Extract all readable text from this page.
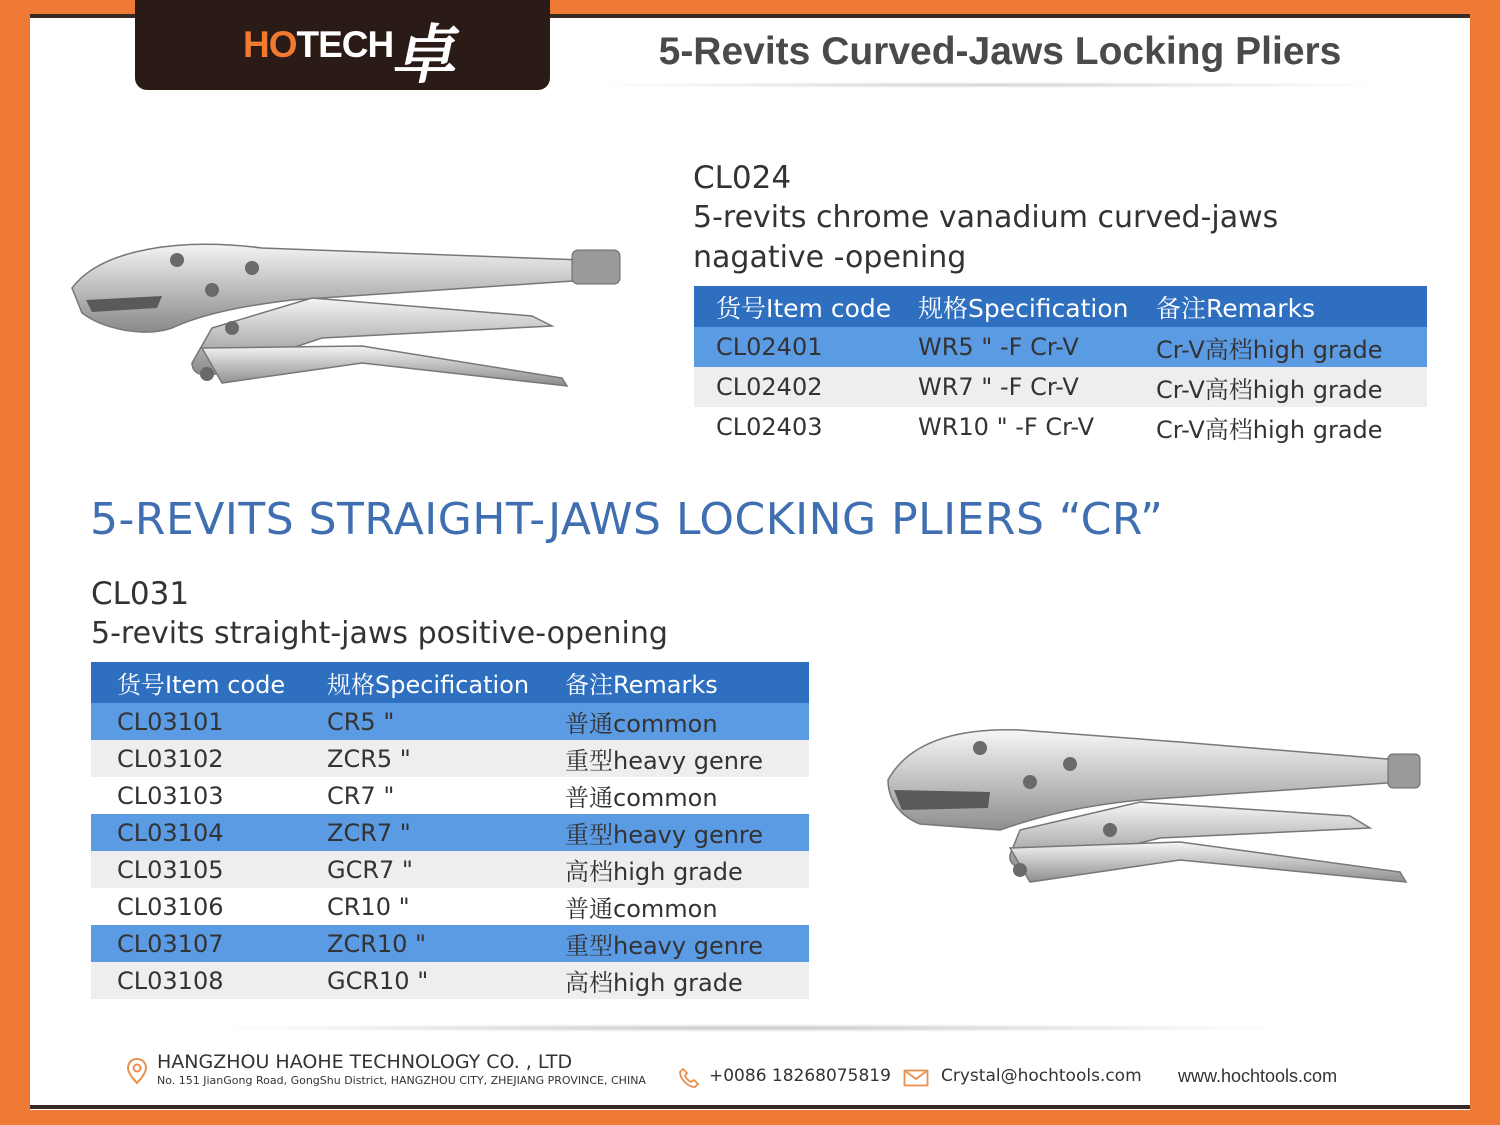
HOTECH
卓	5-Revits Curved-Jaws Locking Pliers
CL024
5-revits chrome vanadium curved-jaws
nagative -opening
货号Item code	规格Specification	备注Remarks
CL02401	WR5 " -F Cr-V	Cr-V高档high grade
CL02402	WR7 " -F Cr-V	Cr-V高档high grade
CL02403	WR10 " -F Cr-V	Cr-V高档high grade
5-REVITS STRAIGHT-JAWS LOCKING PLIERS “CR”
CL031
5-revits straight-jaws positive-opening
货号Item code	规格Specification	备注Remarks
CL03101	CR5 "	普通common
CL03102	ZCR5 "	重型heavy genre
CL03103	CR7 "	普通common
CL03104	ZCR7 "	重型heavy genre
CL03105	GCR7 "	高档high grade
CL03106	CR10 "	普通common
CL03107	ZCR10 "	重型heavy genre
CL03108	GCR10 "	高档high grade
HANGZHOU HAOHE TECHNOLOGY CO. , LTD
No. 151 JianGong Road, GongShu District, HANGZHOU CITY, ZHEJIANG PROVINCE, CHINA	+0086 18268075819	Crystal@hochtools.com www.hochtools.com
